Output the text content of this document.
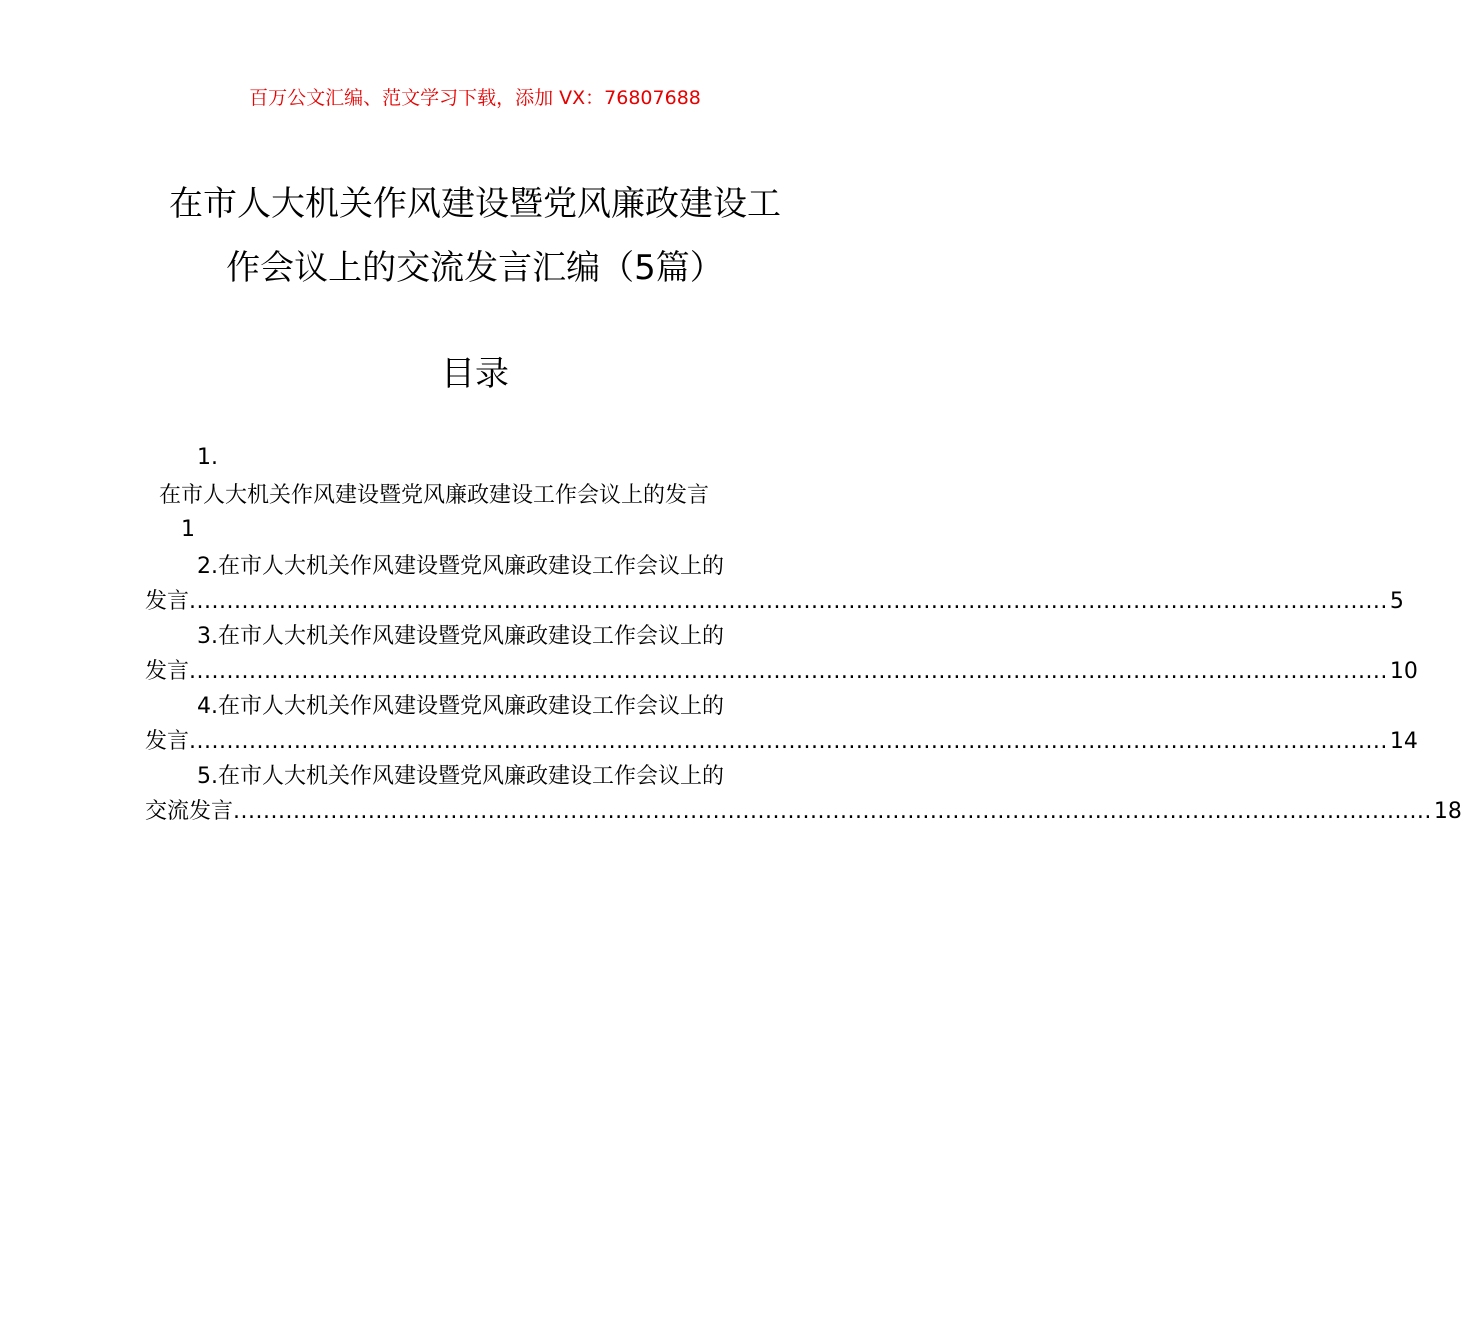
百万公文汇编、范文学习下载，添加 VX：76807688
在市人大机关作风建设暨党风廉政建设工
作会议上的交流发言汇编（5篇）
目录
1.
在市人大机关作风建设暨党风廉政建设工作会议上的发言
1
2.在市人大机关作风建设暨党风廉政建设工作会议上的
发言 ................................................................................................................................................................ 5
3.在市人大机关作风建设暨党风廉政建设工作会议上的
发言 ................................................................................................................................................................ 10
4.在市人大机关作风建设暨党风廉政建设工作会议上的
发言 ................................................................................................................................................................ 14
5.在市人大机关作风建设暨党风廉政建设工作会议上的
交流发言 ................................................................................................................................................................ 18
